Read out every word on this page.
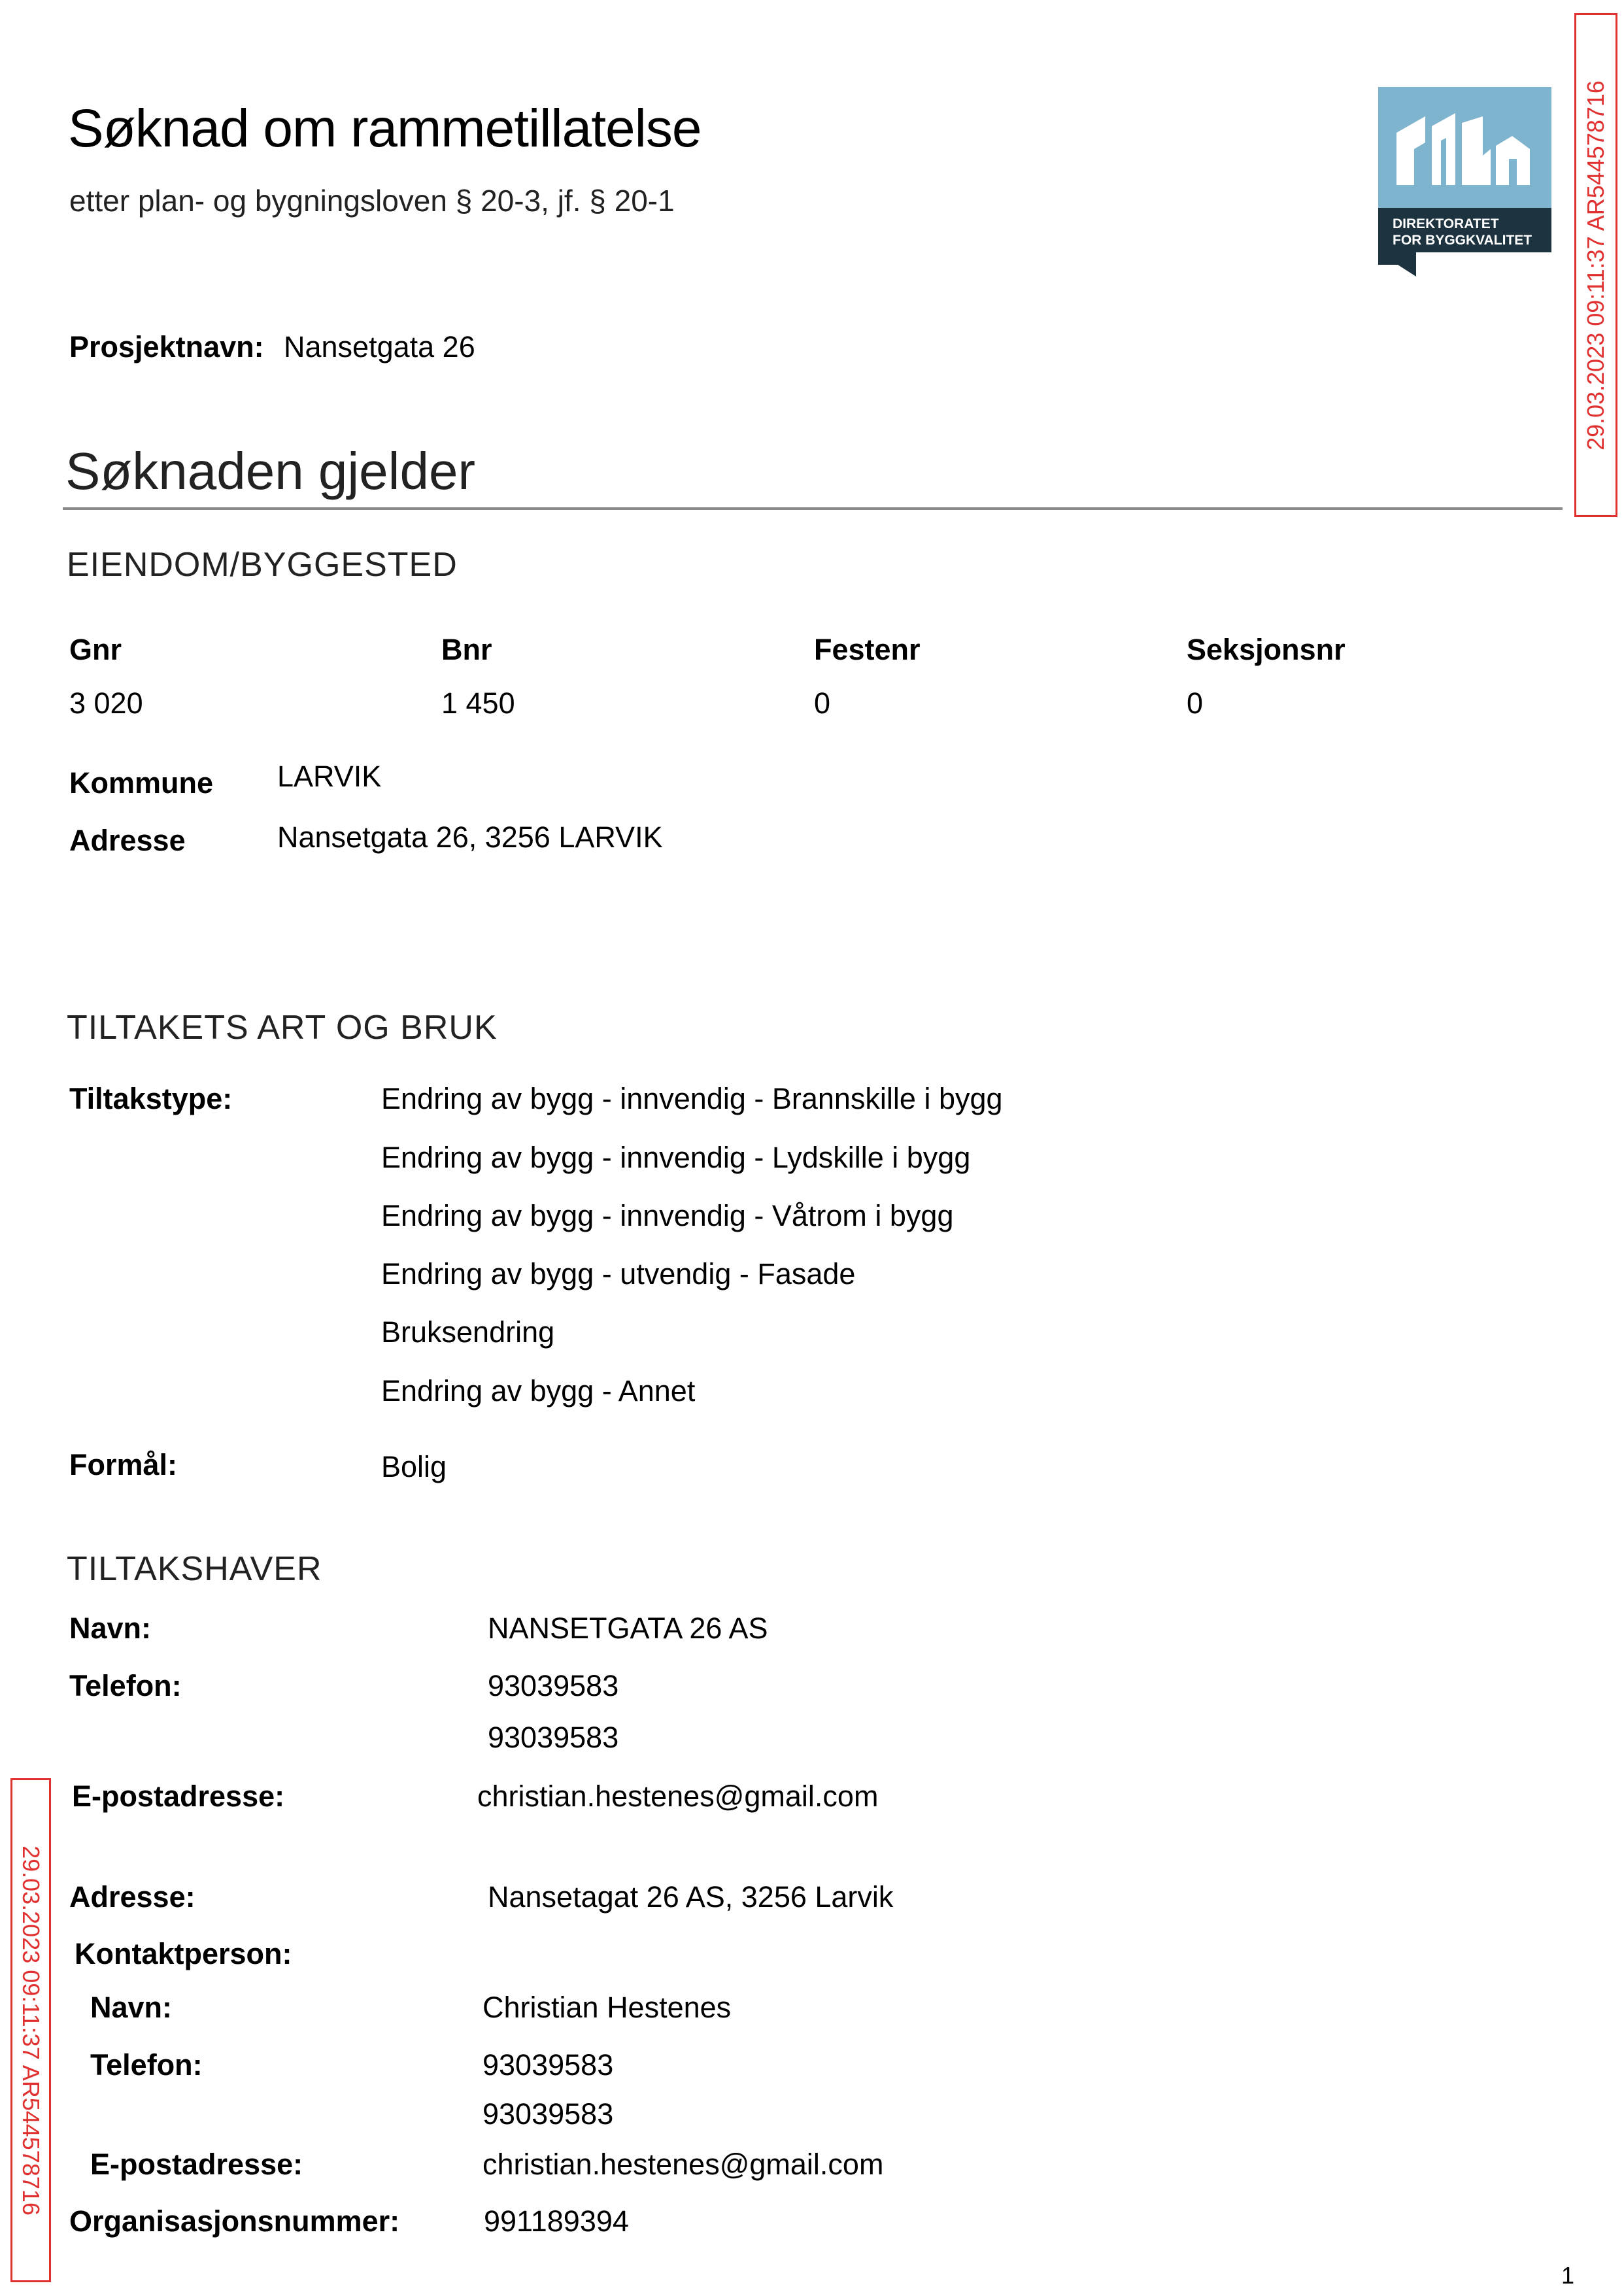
Søknad om rammetillatelse
etter plan- og bygningsloven § 20-3, jf. § 20-1
DIREKTORATET
FOR BYGGKVALITET
Prosjektnavn: Nansetgata 26
Søknaden gjelder
EIENDOM/BYGGESTED
Gnr	Bnr	Festenr	Seksjonsnr
3 020	1 450	0	0
Kommune LARVIK
Adresse	Nansetgata 26, 3256 LARVIK
TILTAKETS ART OG BRUK
Tiltakstype:	Endring av bygg - innvendig - Brannskille i bygg
Endring av bygg - innvendig - Lydskille i bygg
Endring av bygg - innvendig - Våtrom i bygg
Endring av bygg - utvendig - Fasade
Bruksendring
Endring av bygg - Annet
Formål:	Bolig
TILTAKSHAVER
Navn:	NANSETGATA 26 AS
Telefon:	93039583
93039583
E-postadresse:	christian.hestenes@gmail.com
Adresse:	Nansetagat 26 AS, 3256 Larvik
Kontaktperson:
Navn:	Christian Hestenes
Telefon:	93039583
93039583
E-postadresse:	christian.hestenes@gmail.com
Organisasjonsnummer:	991189394
29.03.2023 09:11:37 AR544578716
29.03.2023 09:11:37 AR544578716
1
